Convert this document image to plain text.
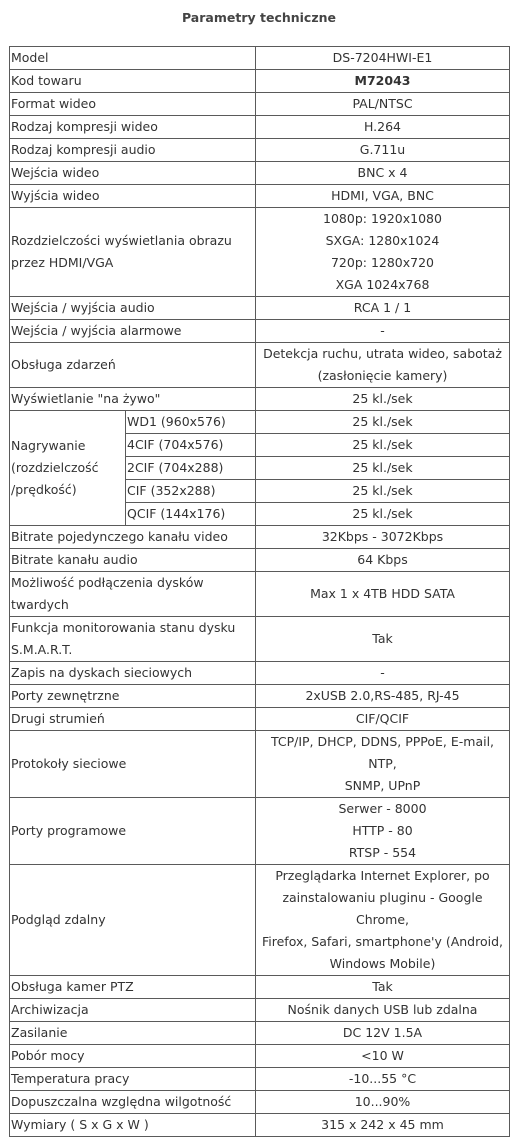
Parametry techniczne
Model		DS-7204HWI-E1
Kod towaru		M72043
Format wideo		PAL/NTSC
Rodzaj kompresji wideo		H.264
Rodzaj kompresji audio		G.711u
Wejścia wideo		BNC x 4
Wyjścia wideo		HDMI, VGA, BNC

Rozdzielczości wyświetlania obrazu
przez HDMI/VGA		1080p: 1920x1080
SXGA: 1280x1024
720p: 1280x720
XGA 1024x768

Wejścia / wyjścia audio		RCA 1 / 1
Wejścia / wyjścia alarmowe		-
Obsługa zdarzeń		Detekcja ruchu, utrata wideo, sabotaż
(zasłonięcie kamery)

Wyświetlanie "na żywo"		25 kl./sek

Nagrywanie
(rozdzielczość
/prędkość)	WD1 (960x576)	25 kl./sek
	4CIF (704x576)	25 kl./sek
	2CIF (704x288)	25 kl./sek
	CIF (352x288)	25 kl./sek
	QCIF (144x176)	25 kl./sek
Bitrate pojedynczego kanału video		32Kbps - 3072Kbps
Bitrate kanału audio		64 Kbps

Możliwość podłączenia dysków
twardych		Max 1 x 4TB HDD SATA

Funkcja monitorowania stanu dysku
S.M.A.R.T.		Tak
Zapis na dyskach sieciowych		-
Porty zewnętrzne		2xUSB 2.0,RS-485, RJ-45
Drugi strumień		CIF/QCIF
Protokoły sieciowe		TCP/IP, DHCP, DDNS, PPPoE, E-mail, NTP,
SNMP, UPnP

Porty programowe		Serwer - 8000
HTTP - 80
RTSP - 554

Podgląd zdalny		Przeglądarka Internet Explorer, po
zainstalowaniu pluginu - Google Chrome,
Firefox, Safari, smartphone'y (Android,
Windows Mobile)

Obsługa kamer PTZ		Tak
Archiwizacja		Nośnik danych USB lub zdalna
Zasilanie		DC 12V 1.5A
Pobór mocy		<10 W
Temperatura pracy		-10...55 °C
Dopuszczalna względna wilgotność		10...90%
Wymiary ( S x G x W )		315 x 242 x 45 mm
